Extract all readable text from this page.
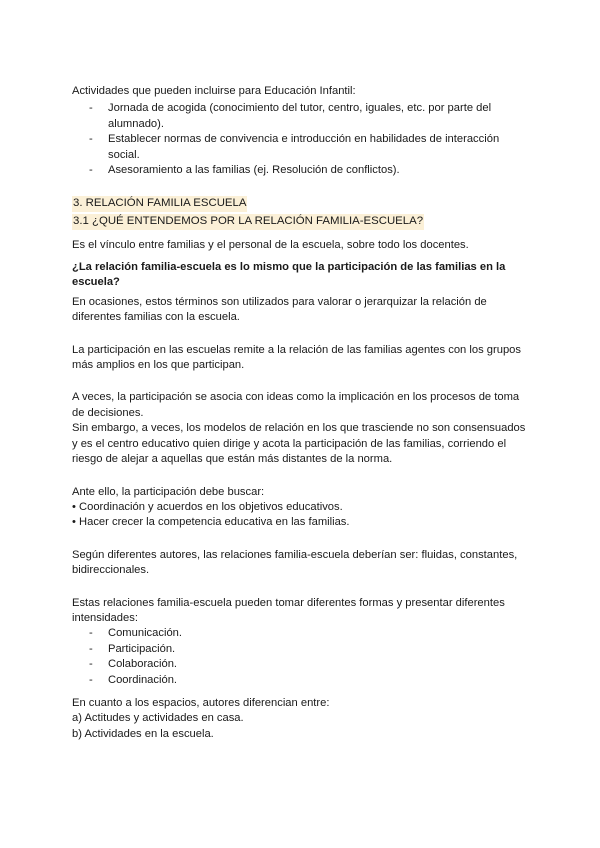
Actividades que pueden incluirse para Educación Infantil:

- Jornada de acogida (conocimiento del tutor, centro, iguales, etc. por parte del alumnado).
- Establecer normas de convivencia e introducción en habilidades de interacción social.
- Asesoramiento a las familias (ej. Resolución de conflictos).
3. RELACIÓN FAMILIA ESCUELA
3.1 ¿QUÉ ENTENDEMOS POR LA RELACIÓN FAMILIA-ESCUELA?

Es el vínculo entre familias y el personal de la escuela, sobre todo los docentes.

¿La relación familia-escuela es lo mismo que la participación de las familias en la escuela?

En ocasiones, estos términos son utilizados para valorar o jerarquizar la relación de diferentes familias con la escuela.

La participación en las escuelas remite a la relación de las familias agentes con los grupos más amplios en los que participan.

A veces, la participación se asocia con ideas como la implicación en los procesos de toma de decisiones.

Sin embargo, a veces, los modelos de relación en los que trasciende no son consensuados y es el centro educativo quien dirige y acota la participación de las familias, corriendo el riesgo de alejar a aquellas que están más distantes de la norma.

Ante ello, la participación debe buscar:

• Coordinación y acuerdos en los objetivos educativos.
• Hacer crecer la competencia educativa en las familias.

Según diferentes autores, las relaciones familia-escuela deberían ser: fluidas, constantes, bidireccionales.

Estas relaciones familia-escuela pueden tomar diferentes formas y presentar diferentes intensidades:

- Comunicación.
- Participación.
- Colaboración.
- Coordinación.

En cuanto a los espacios, autores diferencian entre:

a) Actitudes y actividades en casa.
b) Actividades en la escuela.
